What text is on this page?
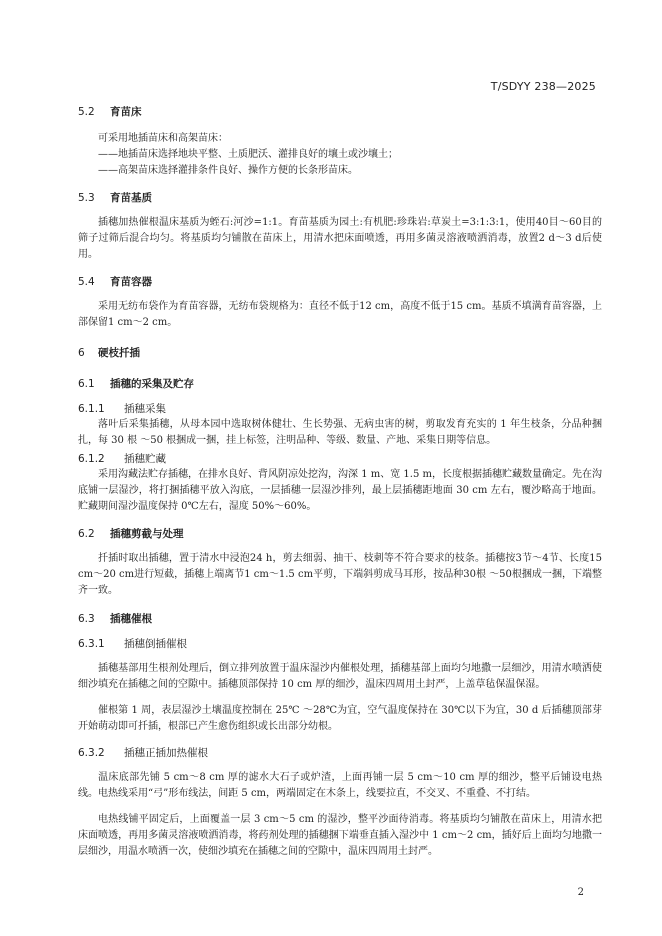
T/SDYY 238—2025
5.2 育苗床

可采用地插苗床和高架苗床：

——地插苗床选择地块平整、土质肥沃、灌排良好的壤土或沙壤土；

——高架苗床选择灌排条件良好、操作方便的长条形苗床。

5.3 育苗基质

插穗加热催根温床基质为蛭石:河沙=1:1。育苗基质为园土:有机肥:珍珠岩:草炭土=3:1:3:1，使用40目～60目的筛子过筛后混合均匀。将基质均匀铺散在苗床上，用清水把床面喷透，再用多菌灵溶液喷洒消毒，放置2 d～3 d后使用。

5.4 育苗容器

采用无纺布袋作为育苗容器，无纺布袋规格为：直径不低于12 cm，高度不低于15 cm。基质不填满育苗容器，上部保留1 cm～2 cm。

6 硬枝扦插
6.1 插穗的采集及贮存
6.1.1 插穗采集

落叶后采集插穗，从母本园中选取树体健壮、生长势强、无病虫害的树，剪取发育充实的 1 年生枝条，分品种捆扎，每 30 根 ～50 根捆成一捆，挂上标签，注明品种、等级、数量、产地、采集日期等信息。

6.1.2 插穗贮藏

采用沟藏法贮存插穗，在排水良好、背风阴凉处挖沟，沟深 1 m、宽 1.5 m，长度根据插穗贮藏数量确定。先在沟底铺一层湿沙，将打捆插穗平放入沟底，一层插穗一层湿沙排列，最上层插穗距地面 30 cm 左右，覆沙略高于地面。贮藏期间湿沙温度保持 0℃左右，湿度 50%～60%。

6.2 插穗剪截与处理

扦插时取出插穗，置于清水中浸泡24 h，剪去细弱、抽干、枝刺等不符合要求的枝条。插穗按3节～4节、长度15 cm～20 cm进行短截，插穗上端离节1 cm～1.5 cm平剪，下端斜剪成马耳形，按品种30根 ～50根捆成一捆，下端整齐一致。

6.3 插穗催根
6.3.1 插穗倒插催根

插穗基部用生根剂处理后，倒立排列放置于温床湿沙内催根处理，插穗基部上面均匀地撒一层细沙，用清水喷洒使细沙填充在插穗之间的空隙中。插穗顶部保持 10 cm 厚的细沙，温床四周用土封严，上盖草毡保温保湿。

催根第 1 周，表层湿沙土壤温度控制在 25℃ ～28℃为宜，空气温度保持在 30℃以下为宜，30 d 后插穗顶部芽开始萌动即可扦插，根部已产生愈伤组织或长出部分幼根。

6.3.2 插穗正插加热催根

温床底部先铺 5 cm～8 cm 厚的滤水大石子或炉渣，上面再铺一层 5 cm～10 cm 厚的细沙，整平后铺设电热线。电热线采用“弓”形布线法，间距 5 cm，两端固定在木条上，线要拉直，不交叉、不重叠、不打结。

电热线铺平固定后，上面覆盖一层 3 cm～5 cm 的湿沙，整平沙面待消毒。将基质均匀铺散在苗床上，用清水把床面喷透，再用多菌灵溶液喷洒消毒，将药剂处理的插穗捆下端垂直插入湿沙中 1 cm～2 cm，插好后上面均匀地撒一层细沙，用温水喷洒一次，使细沙填充在插穗之间的空隙中，温床四周用土封严。

2
